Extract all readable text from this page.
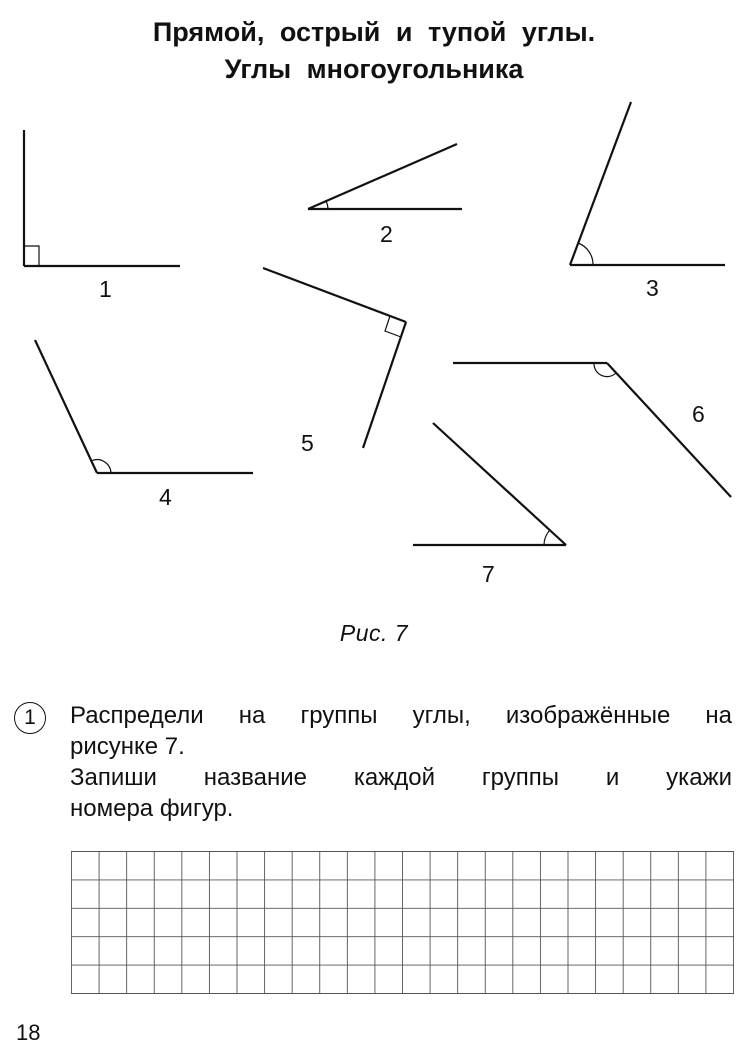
Прямой, острый и тупой углы.
Углы многоугольника
1
2
3
4
5
6
7
Рис. 7
1	Распредели на группы углы, изображённые на
рисунке 7.
Запиши название каждой группы и укажи
номера фигур.
18
